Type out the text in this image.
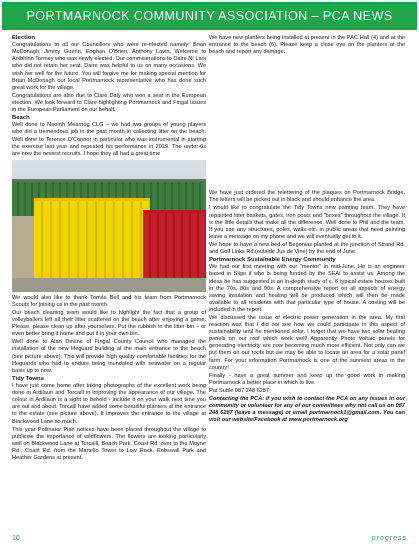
PORTMARNOCK COMMUNITY ASSOCIATION – PCA NEWS
Election

Congratulations to all our Councillors who were re-elected namely: Brian McDonagh, Jimmy Guerin, Eoghan O'Brien, Anthony Lavin. Welcome to Aoibhinn Tormey who was newly elected. Our commiserations to Daire Ní Laoi who did not retain her seat. Daire was helpful to us on many occasions. We wish her well for the future. You will forgive me for making special mention for Brian McDonagh our local Portmarnock representative who has done such great work for the village.

Congratulations are also due to Clare Daly who won a seat in the European election. We look forward to Clare highlighting Portmarnock and Fingal issues in the European Parliament on our behalf.

Beach

Well done to Naomh Mearnóg CLG – we had two groups of young players who did a tremendous job in the past month in collecting litter on the beach. Well done to Terence O'Connor in particular who was instrumental in starting the exercise last year and repeated his performance in 2019. The under-6s are now the newest recruits. I hope they all had a great time

We would also like to thank Tomás Bell and his team from Portmarnock Scouts for joining us in the past month.

Our beach cleaning team would like to highlight the fact that a group of volleyballers left all their litter scattered on the beach after enjoying a game. Please, please clean up after yourselves. Put the rubbish in the litter bin – or even better bring it home and put it in your own bin.

Well done to Alan Devine of Fingal County Council who managed the installation of the new lifeguard building at the main entrance to the beach (see picture above). This will provide high quality comfortable facilities for the lifeguards who had to endure being inundated with seawater on a regular basis up to now.

Tidy Towns

I have just come home after taking photographs of the excellent work being done in Ardilaun and Torcaill in improving the appearance of our village. The colour in Ardilaun is a sight to behold - include it on your walk next time you are out and about. Torcaill have added some beautiful planters at the entrance to the estate (see picture above). It improves the entrance to the village at Blackwood Lane so much.

This year Pollinator Plan notices have been placed throughout the village to publicise the importance of wildflowers. The flowers are looking particularly well on Blackwood Lane at Torcaill, Beach Park, Coast Rd. over to the Moyne Rd., Coast Rd. from the Martello Tower to Low Rock, Robswall Park and Heather Gardens at present.

We have new planters being installed at present in the PAC Hall (4) and at the entrance to the beach (6). Please keep a close eye on the planters at the beach and report any damage.

We have just ordered the relettering of the plaques on Portmarnock Bridge. The letters will be picked out in black and should enhance the area.

I would like to congratulate the Tidy Towns new painting team. They have repainted litter baskets, gates, iron posts and "boxes" throughout the village. It is the little details that make all the difference. Well done to Phil and the team. If you see any structures, poles, walls etc. in public areas that need painting leave a message on my phone and we will eventually get to it.

We hope to have a new bed of Begonias planted at the junction of Strand Rd. and Golf Links Rd.(outside Jus de Vine) by the end of June.

Portmarnock Sustainable Energy Community

We had our first meeting with our "mentor" in mid-June. He is an engineer based in Sligo if who is being funded by the SEAI to assist us. Among the ideas he has suggested is an in-depth study of c. 6 typical estate houses built in the 70s, 80s and 90s. A comprehensive report on all aspects of energy saving insulation and heating will be produced which will then be made available to all residents with that particular type of house. A costing will be included in the report.

We discussed the issue of electric power generation in the area. My first reaction was that I did not see how we could participate in this aspect of sustainability until he mentioned solar. I forget that we have two solar heating panels on our roof which work well! Apparently Photo Voltaic panels for generating electricity are now becoming much more efficient. Not only can we put them on our roofs but we may be able to locate an area for a solar panel farm. For your information Portmarnock is one of the sunniest areas in the country!

Finally - have a great summer and keep up the good work in making Portmarnock a better place in which to live.

Pat Suttle 087 248 6287

Contacting the PCA: If you wish to contact the PCA on any issues in our community or volunteer for any of our committees why not call us on 087 248 6287 (leave a message) or email portmarnock1@gmail.com. You can visit our website/Facebook at www.portmarnock.org

10	progress
